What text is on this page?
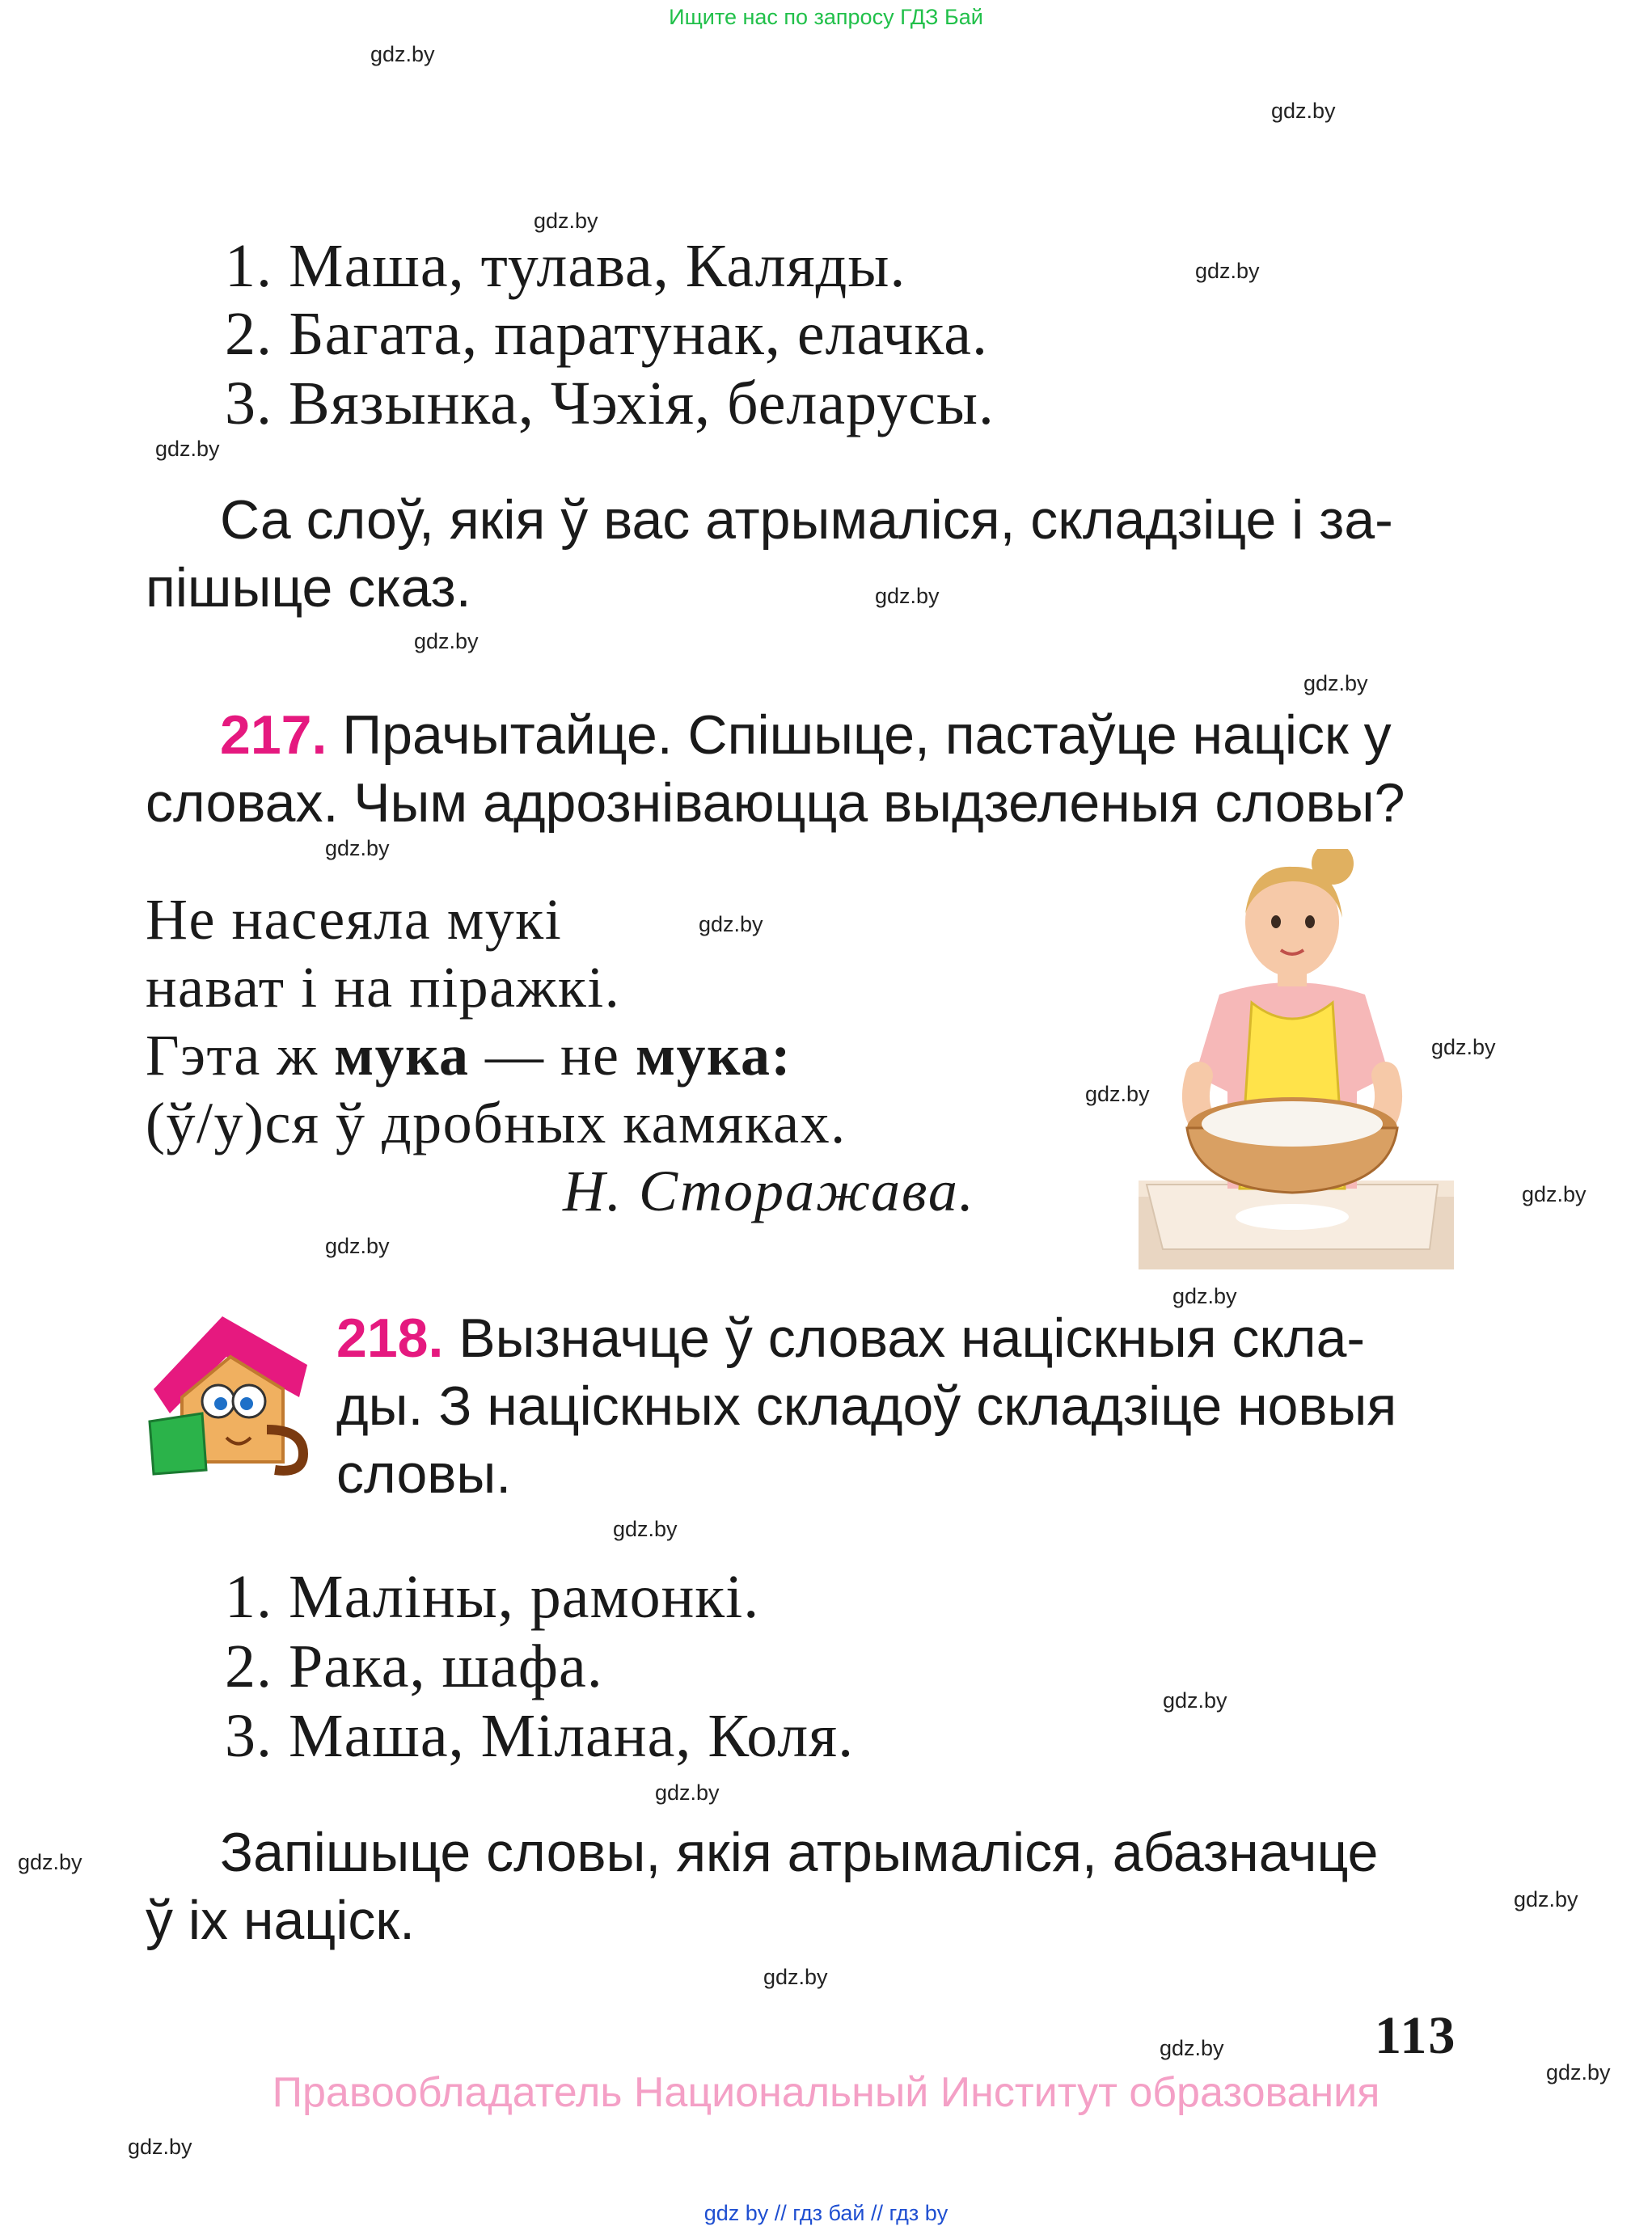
Ищите нас по запросу ГДЗ Бай
gdz.by
gdz.by
gdz.by
gdz.by
gdz.by
gdz.by
gdz.by
gdz.by
gdz.by
gdz.by
gdz.by
gdz.by
gdz.by
gdz.by
gdz.by
gdz.by
gdz.by
gdz.by
gdz.by
gdz.by
gdz.by
gdz.by
gdz.by
gdz.by
1. Маша, тулава, Каляды.
2. Багата, паратунак, елачка.
3. Вязынка, Чэхія, беларусы.
Са слоў, якія ў вас атрымаліся, складзіце і за-
пішыце сказ.
217. Прачытайце. Спішыце, пастаўце націск у
словах. Чым адрозніваюцца выдзеленыя словы?
Не насеяла мукі
нават і на піражкі.
Гэта ж мука — не мука:
(ў/у)ся ў дробных камяках.
Н. Сторажава.
218. Вызначце ў словах націскныя скла-
ды. З націскных складоў складзіце новыя
словы.
1. Маліны, рамонкі.
2. Рака, шафа.
3. Маша, Мілана, Коля.
Запішыце словы, якія атрымаліся, абазначце
ў іх націск.
113
Правообладатель Национальный Институт образования
gdz by // гдз бай // гдз by
